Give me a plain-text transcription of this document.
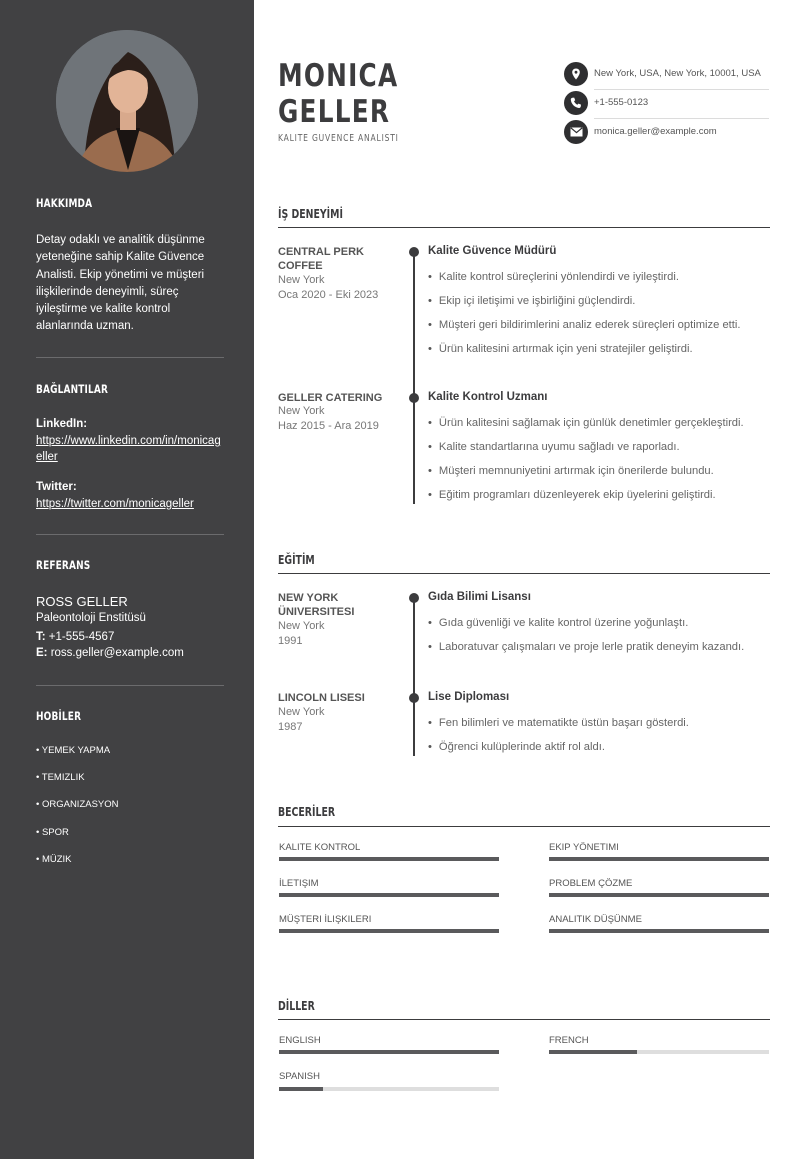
HAKKIMDA

Detay odaklı ve analitik düşünme yeteneğine sahip Kalite Güvence Analisti. Ekip yönetimi ve müşteri ilişkilerinde deneyimli, süreç iyileştirme ve kalite kontrol alanlarında uzman.

BAĞLANTILAR
LinkedIn:
https://www.linkedin.com/in/monicageller
Twitter:
https://twitter.com/monicageller
REFERANS
ROSS GELLER
Paleontoloji Enstitüsü
T: +1-555-4567
E: ross.geller@example.com
HOBİLER
• YEMEK YAPMA
• TEMIZLIK
• ORGANIZASYON
• SPOR
• MÜZIK
MONICA
GELLER
KALITE GÜVENCE ANALISTI
New York, USA, New York, 10001, USA
+1-555-0123
monica.geller@example.com
İŞ DENEYİMİ
CENTRAL PERK COFFEE
New York
Oca 2020 - Eki 2023
Kalite Güvence Müdürü
• Kalite kontrol süreçlerini yönlendirdi ve iyileştirdi.
• Ekip içi iletişimi ve işbirliğini güçlendirdi.
• Müşteri geri bildirimlerini analiz ederek süreçleri optimize etti.
• Ürün kalitesini artırmak için yeni stratejiler geliştirdi.
GELLER CATERING
New York
Haz 2015 - Ara 2019
Kalite Kontrol Uzmanı
• Ürün kalitesini sağlamak için günlük denetimler gerçekleştirdi.
• Kalite standartlarına uyumu sağladı ve raporladı.
• Müşteri memnuniyetini artırmak için önerilerde bulundu.
• Eğitim programları düzenleyerek ekip üyelerini geliştirdi.
EĞİTİM
NEW YORK ÜNIVERSITESI
New York
1991
Gıda Bilimi Lisansı
• Gıda güvenliği ve kalite kontrol üzerine yoğunlaştı.
• Laboratuvar çalışmaları ve proje lerle pratik deneyim kazandı.
LINCOLN LISESI
New York
1987
Lise Diploması
• Fen bilimleri ve matematikte üstün başarı gösterdi.
• Öğrenci kulüplerinde aktif rol aldı.
BECERİLER
KALITE KONTROL	EKIP YÖNETIMI
İLETIŞIM	PROBLEM ÇÖZME
MÜŞTERI İLIŞKILERI	ANALITIK DÜŞÜNME
DİLLER
ENGLISH	FRENCH
SPANISH
